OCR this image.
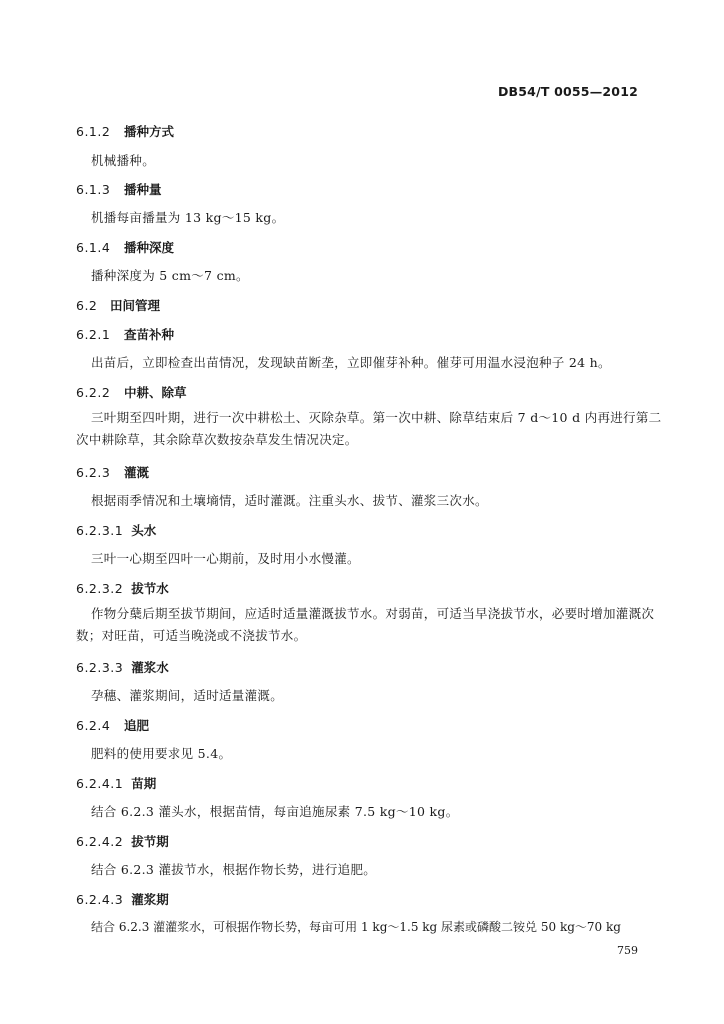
DB54/T 0055—2012
6.1.2 播种方式
机械播种。
6.1.3 播种量
机播每亩播量为 13 kg～15 kg。
6.1.4 播种深度
播种深度为 5 cm～7 cm。
6.2 田间管理
6.2.1 查苗补种
出苗后，立即检查出苗情况，发现缺苗断垄，立即催芽补种。催芽可用温水浸泡种子 24 h。
6.2.2 中耕、除草
三叶期至四叶期，进行一次中耕松土、灭除杂草。第一次中耕、除草结束后 7 d～10 d 内再进行第二
次中耕除草，其余除草次数按杂草发生情况决定。
6.2.3 灌溉
根据雨季情况和土壤墒情，适时灌溉。注重头水、拔节、灌浆三次水。
6.2.3.1 头水
三叶一心期至四叶一心期前，及时用小水慢灌。
6.2.3.2 拔节水
作物分蘖后期至拔节期间，应适时适量灌溉拔节水。对弱苗，可适当早浇拔节水，必要时增加灌溉次
数；对旺苗，可适当晚浇或不浇拔节水。
6.2.3.3 灌浆水
孕穗、灌浆期间，适时适量灌溉。
6.2.4 追肥
肥料的使用要求见 5.4。
6.2.4.1 苗期
结合 6.2.3 灌头水，根据苗情，每亩追施尿素 7.5 kg～10 kg。
6.2.4.2 拔节期
结合 6.2.3 灌拔节水，根据作物长势，进行追肥。
6.2.4.3 灌浆期
结合 6.2.3 灌灌浆水，可根据作物长势，每亩可用 1 kg～1.5 kg 尿素或磷酸二铵兑 50 kg～70 kg
759
